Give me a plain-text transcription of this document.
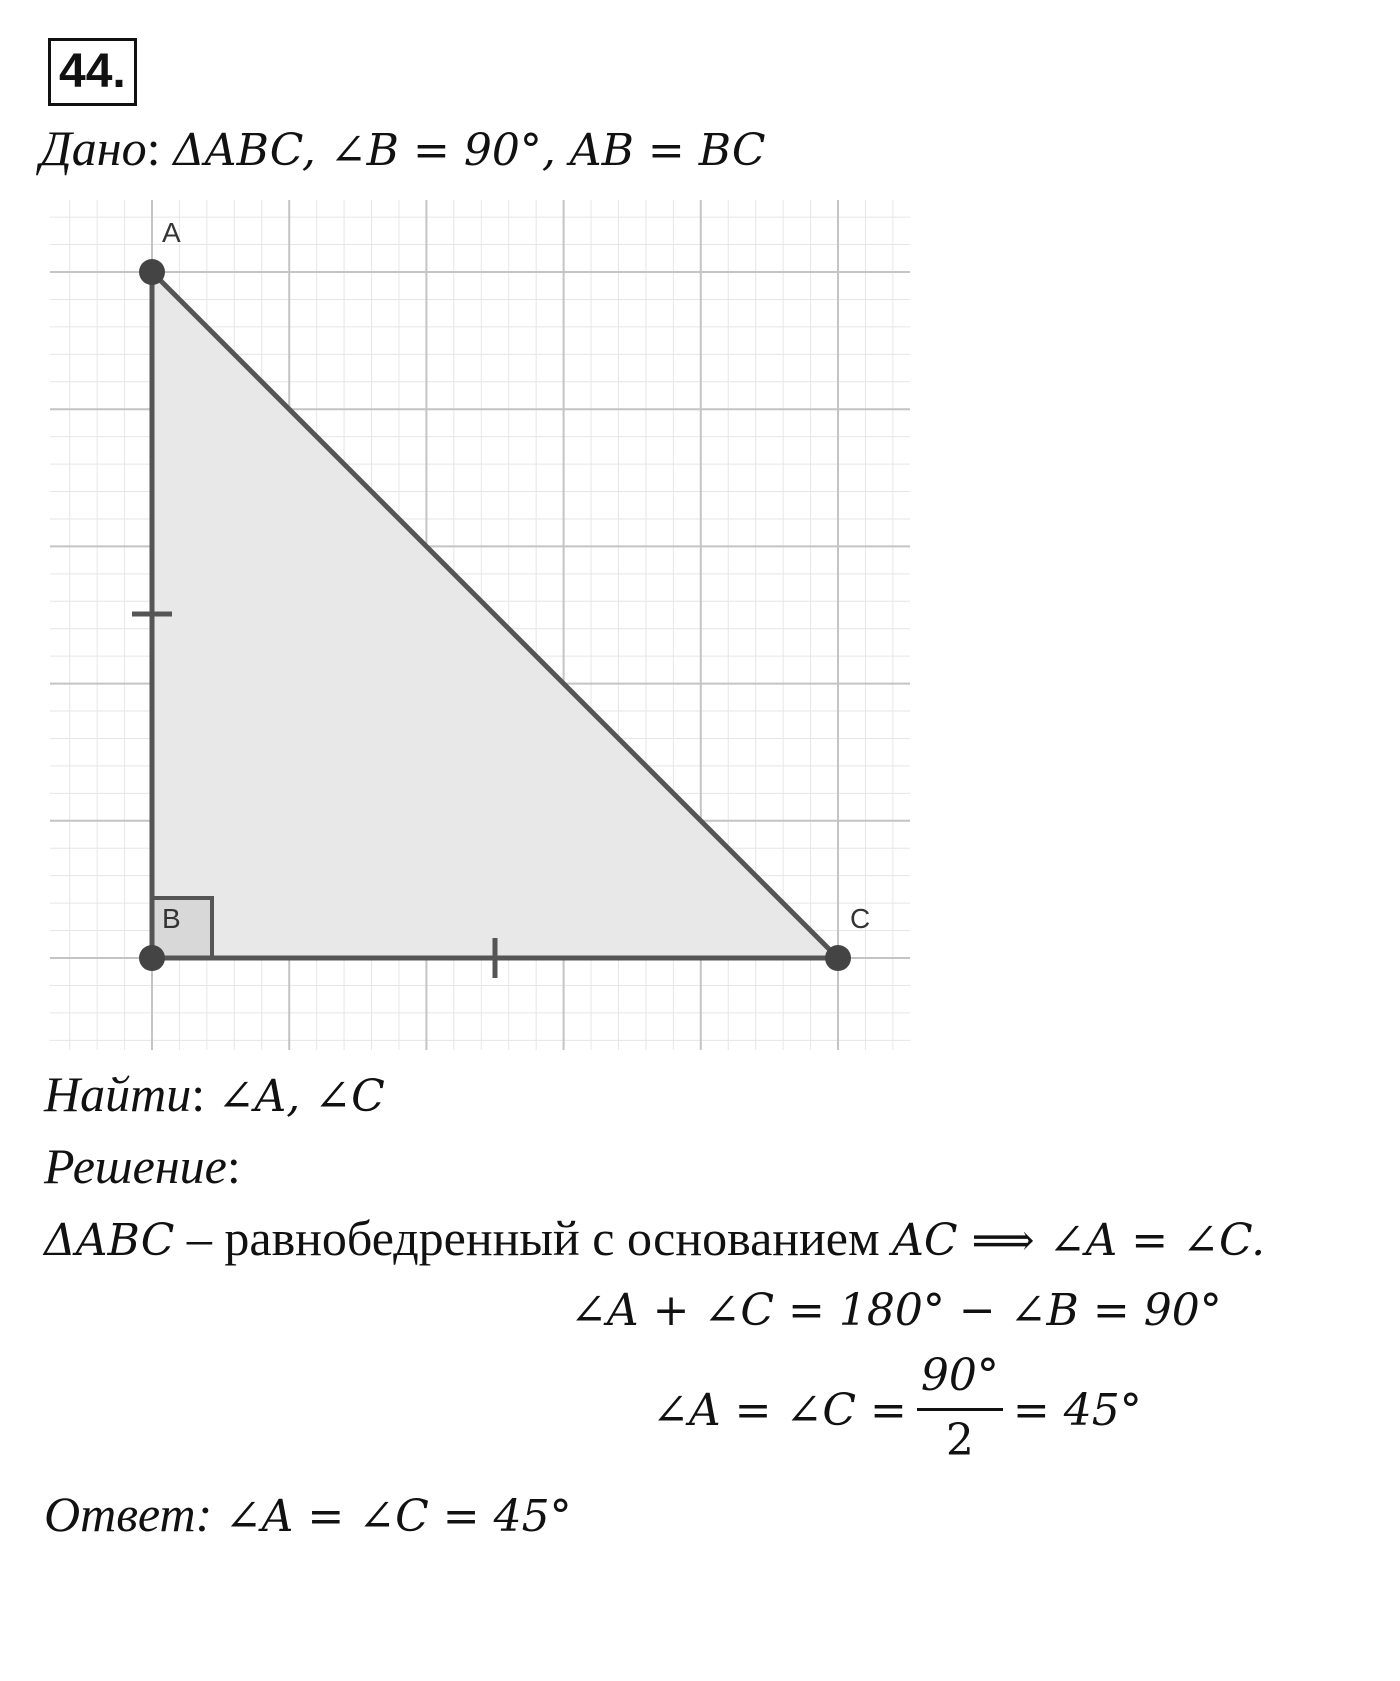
44.
Дано: ΔABC, ∠B = 90°, AB = BC
A
B	C
Найти: ∠A, ∠C
Решение:
ΔABC – равнобедренный с основанием AC ⟹ ∠A = ∠C.
∠A + ∠C = 180° − ∠B = 90°
∠A = ∠C = $\frac{90^\circ}{2} = 45^\circ$
Ответ: ∠A = ∠C = 45°
